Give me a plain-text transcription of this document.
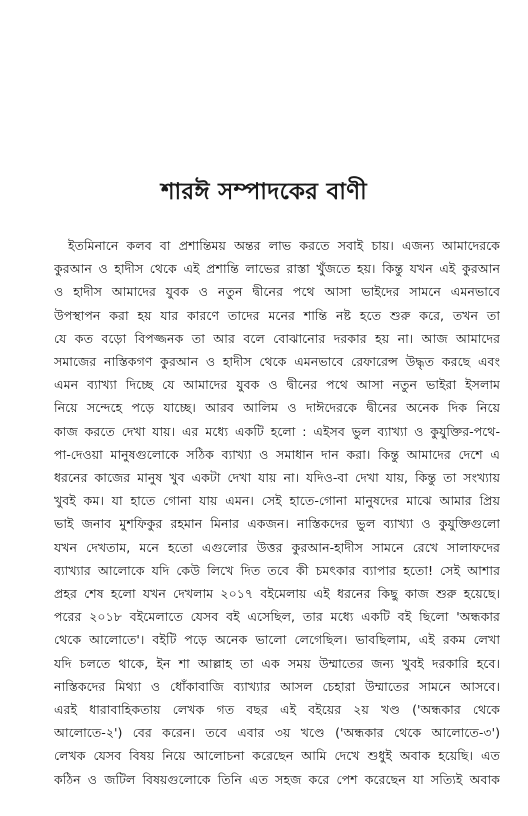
শারঈ সম্পাদকের বাণী
ইতমিনানে কলব বা প্রশান্তিময় অন্তর লাভ করতে সবাই চায়। এজন্য আমাদেরকে
কুরআন ও হাদীস থেকে এই প্রশান্তি লাভের রাস্তা খুঁজতে হয়। কিন্তু যখন এই কুরআন
ও হাদীস আমাদের যুবক ও নতুন দ্বীনের পথে আসা ভাইদের সামনে এমনভাবে
উপস্থাপন করা হয় যার কারণে তাদের মনের শান্তি নষ্ট হতে শুরু করে, তখন তা
যে কত বড়ো বিপজ্জনক তা আর বলে বোঝানোর দরকার হয় না। আজ আমাদের
সমাজের নাস্তিকগণ কুরআন ও হাদীস থেকে এমনভাবে রেফারেন্স উদ্ধৃত করছে এবং
এমন ব্যাখ্যা দিচ্ছে যে আমাদের যুবক ও দ্বীনের পথে আসা নতুন ভাইরা ইসলাম
নিয়ে সন্দেহে পড়ে যাচ্ছে। আরব আলিম ও দাঈদেরকে দ্বীনের অনেক দিক নিয়ে
কাজ করতে দেখা যায়। এর মধ্যে একটি হলো : এইসব ভুল ব্যাখ্যা ও কুযুক্তির-পথে-
পা-দেওয়া মানুষগুলোকে সঠিক ব্যাখ্যা ও সমাধান দান করা। কিন্তু আমাদের দেশে এ
ধরনের কাজের মানুষ খুব একটা দেখা যায় না। যদিও-বা দেখা যায়, কিন্তু তা সংখ্যায়
খুবই কম। যা হাতে গোনা যায় এমন। সেই হাতে-গোনা মানুষদের মাঝে আমার প্রিয়
ভাই জনাব মুশফিকুর রহমান মিনার একজন। নাস্তিকদের ভুল ব্যাখ্যা ও কুযুক্তিগুলো
যখন দেখতাম, মনে হতো এগুলোর উত্তর কুরআন-হাদীস সামনে রেখে সালাফদের
ব্যাখ্যার আলোকে যদি কেউ লিখে দিত তবে কী চমৎকার ব্যাপার হতো! সেই আশার
প্রহর শেষ হলো যখন দেখলাম ২০১৭ বইমেলায় এই ধরনের কিছু কাজ শুরু হয়েছে।
পরের ২০১৮ বইমেলাতে যেসব বই এসেছিল, তার মধ্যে একটি বই ছিলো 'অন্ধকার
থেকে আলোতে'। বইটি পড়ে অনেক ভালো লেগেছিল। ভাবছিলাম, এই রকম লেখা
যদি চলতে থাকে, ইন শা আল্লাহ তা এক সময় উম্মাতের জন্য খুবই দরকারি হবে।
নাস্তিকদের মিথ্যা ও ধোঁকাবাজি ব্যাখ্যার আসল চেহারা উম্মাতের সামনে আসবে।
এরই ধারাবাহিকতায় লেখক গত বছর এই বইয়ের ২য় খণ্ড ('অন্ধকার থেকে
আলোতে-২') বের করেন। তবে এবার ৩য় খণ্ডে ('অন্ধকার থেকে আলোতে-৩')
লেখক যেসব বিষয় নিয়ে আলোচনা করেছেন আমি দেখে শুধুই অবাক হয়েছি। এত
কঠিন ও জটিল বিষয়গুলোকে তিনি এত সহজ করে পেশ করেছেন যা সত্যিই অবাক
